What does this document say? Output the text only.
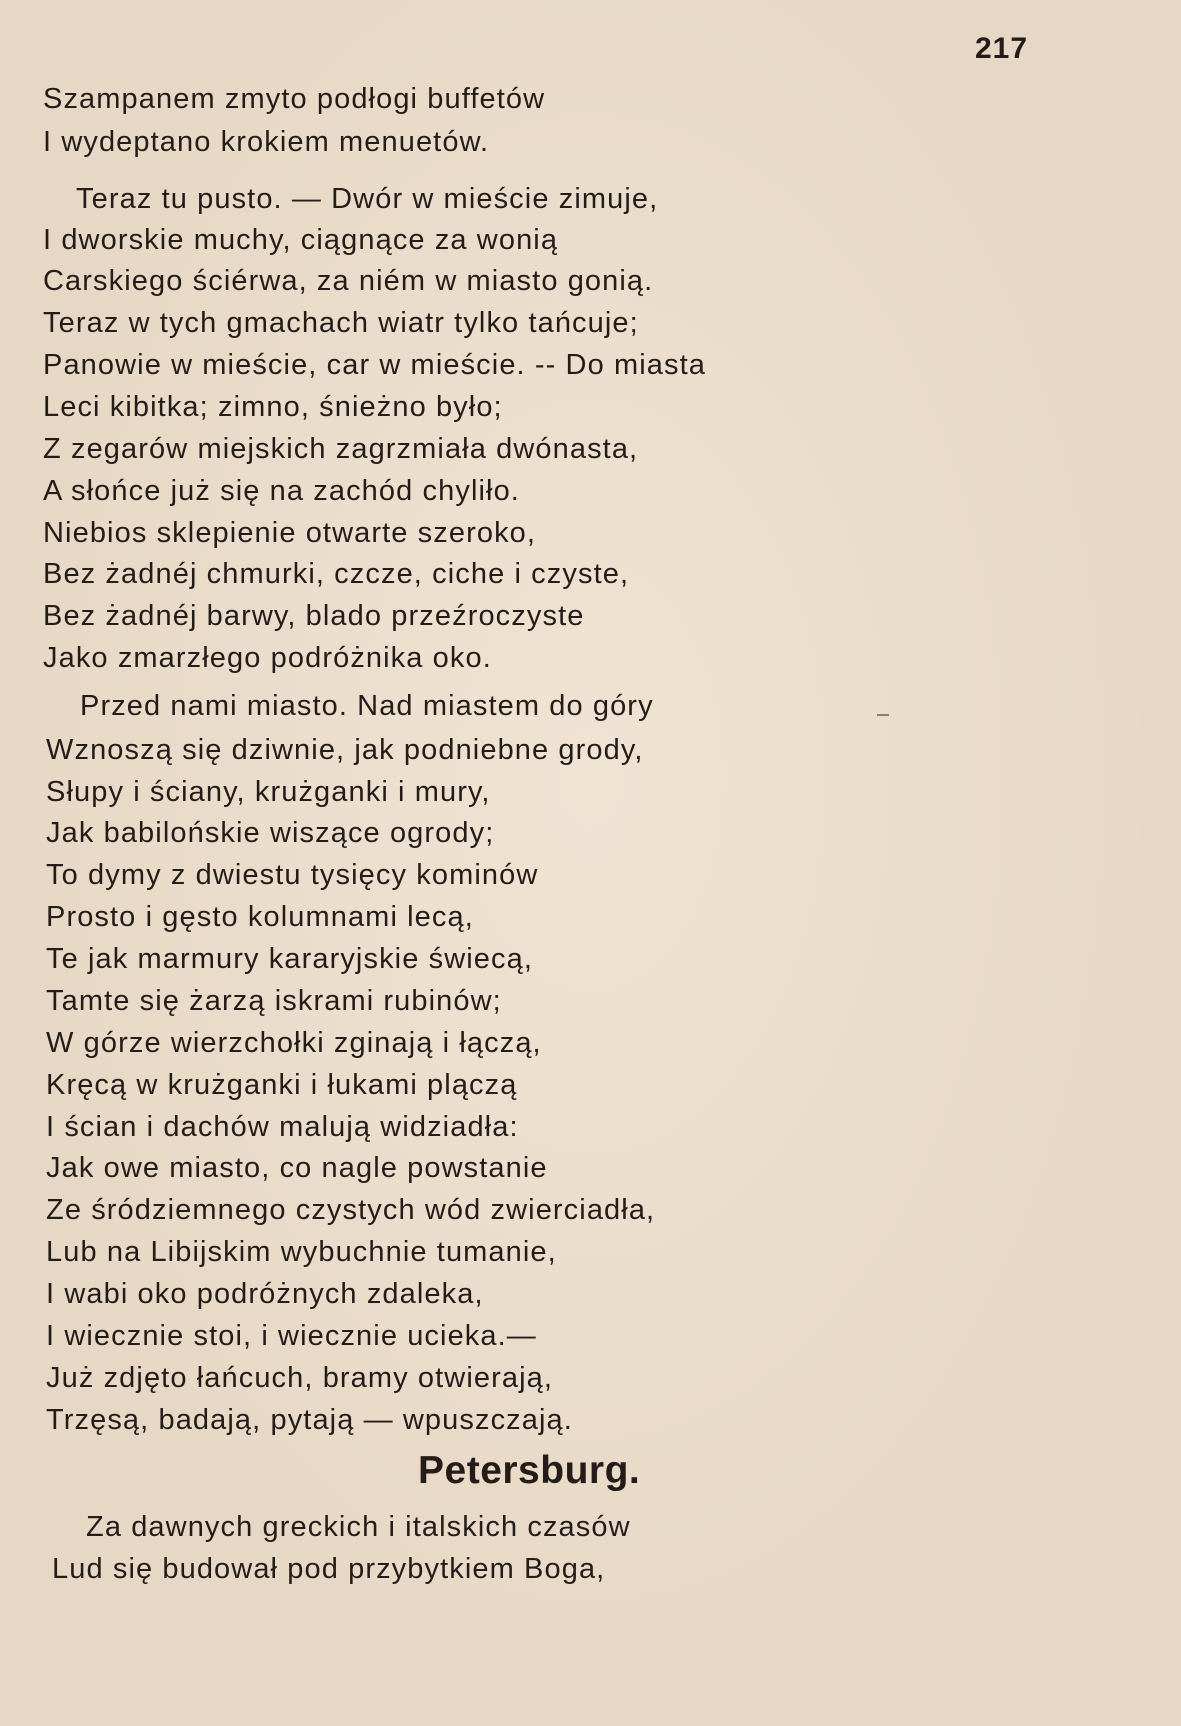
217
Szampanem zmyto podłogi buffetów
I wydeptano krokiem menuetów.
Teraz tu pusto. — Dwór w mieście zimuje,
I dworskie muchy, ciągnące za wonią
Carskiego ściérwa, za niém w miasto gonią.
Teraz w tych gmachach wiatr tylko tańcuje;
Panowie w mieście, car w mieście. -- Do miasta
Leci kibitka; zimno, śnieżno było;
Z zegarów miejskich zagrzmiała dwónasta,
A słońce już się na zachód chyliło.
Niebios sklepienie otwarte szeroko,
Bez żadnéj chmurki, czcze, ciche i czyste,
Bez żadnéj barwy, blado przeźroczyste
Jako zmarzłego podróżnika oko.
Przed nami miasto. Nad miastem do góry
Wznoszą się dziwnie, jak podniebne grody,
Słupy i ściany, krużganki i mury,
Jak babilońskie wiszące ogrody;
To dymy z dwiestu tysięcy kominów
Prosto i gęsto kolumnami lecą,
Te jak marmury kararyjskie świecą,
Tamte się żarzą iskrami rubinów;
W górze wierzchołki zginają i łączą,
Kręcą w krużganki i łukami plączą
I ścian i dachów malują widziadła:
Jak owe miasto, co nagle powstanie
Ze śródziemnego czystych wód zwierciadła,
Lub na Libijskim wybuchnie tumanie,
I wabi oko podróżnych zdaleka,
I wiecznie stoi, i wiecznie ucieka.—
Już zdjęto łańcuch, bramy otwierają,
Trzęsą, badają, pytają — wpuszczają.
Petersburg.
Za dawnych greckich i italskich czasów
Lud się budował pod przybytkiem Boga,
